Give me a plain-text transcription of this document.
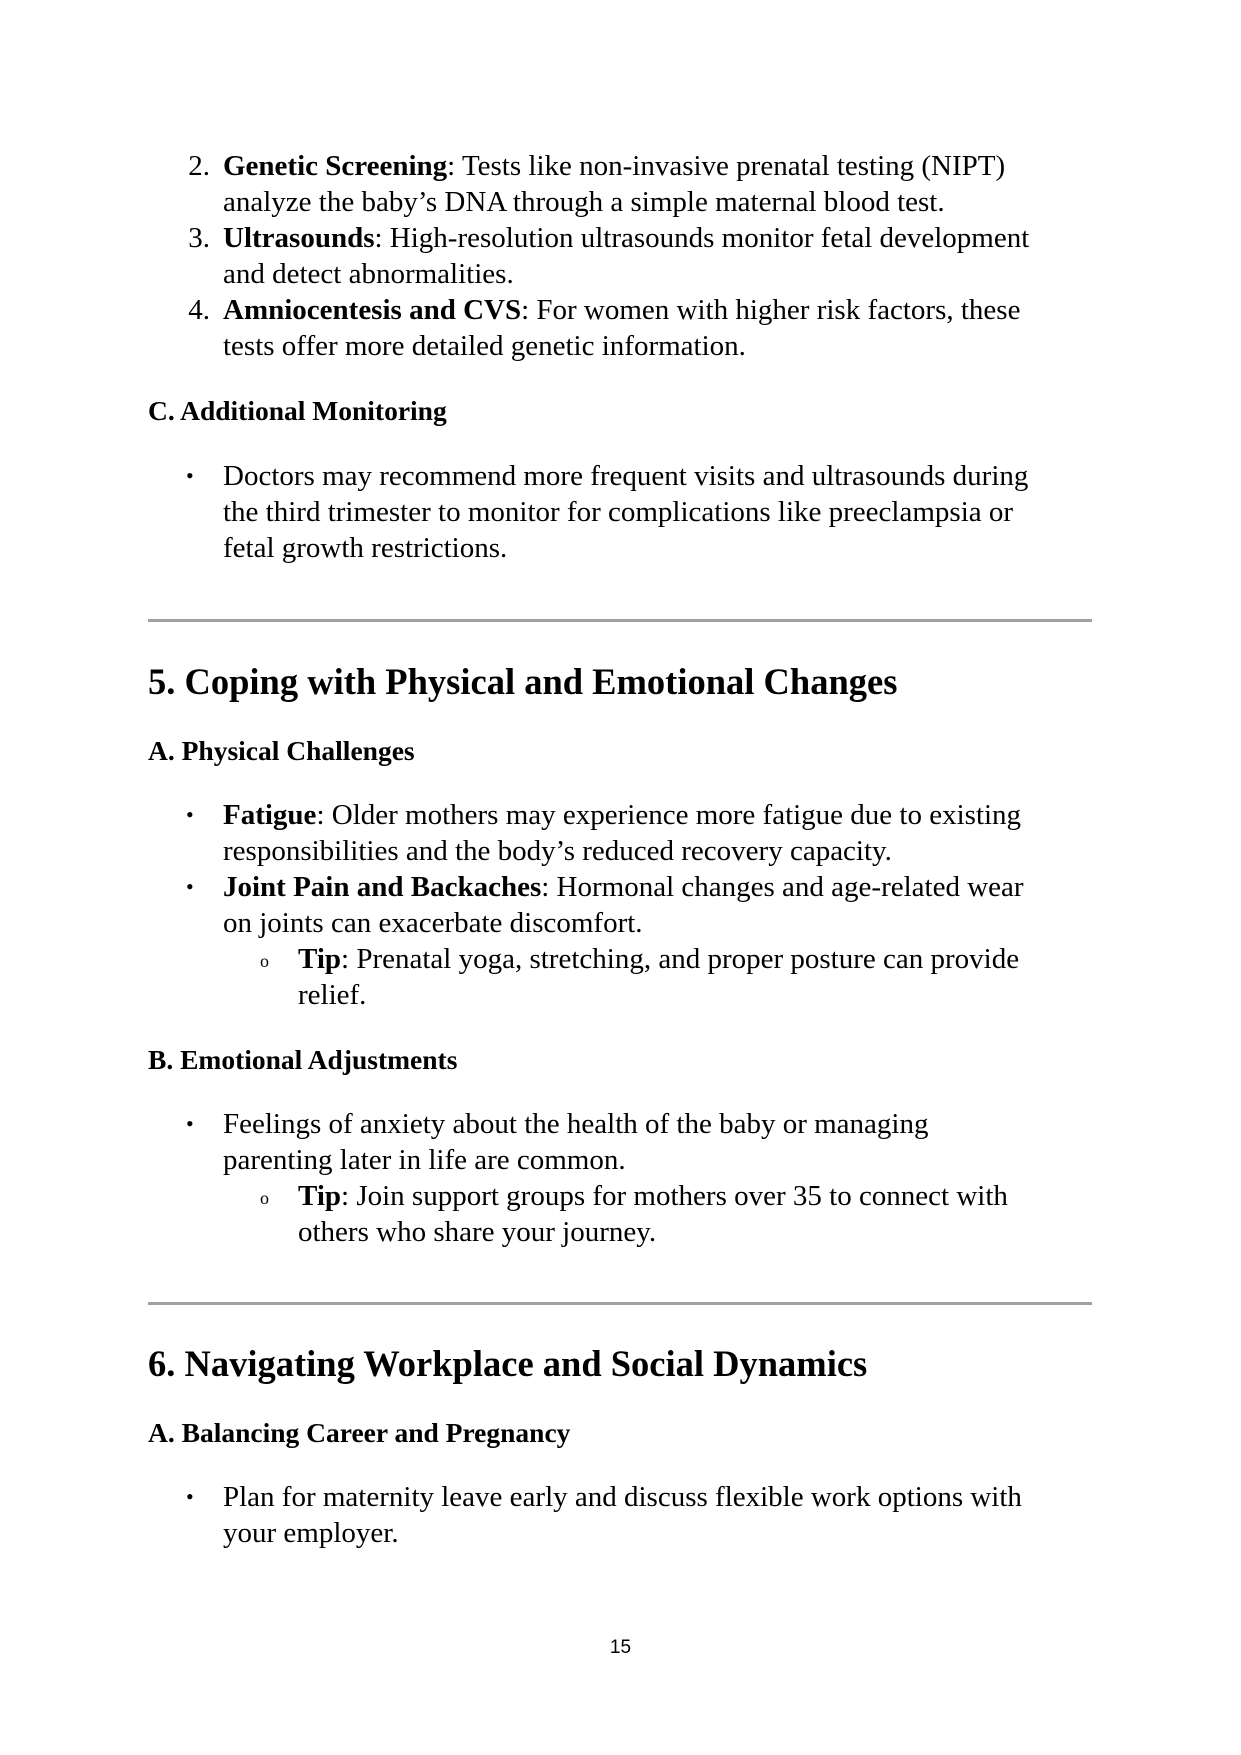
2. Genetic Screening: Tests like non-invasive prenatal testing (NIPT)

analyze the baby’s DNA through a simple maternal blood test.

3. Ultrasounds: High-resolution ultrasounds monitor fetal development

and detect abnormalities.

4. Amniocentesis and CVS: For women with higher risk factors, these

tests offer more detailed genetic information.

C. Additional Monitoring
• Doctors may recommend more frequent visits and ultrasounds during

the third trimester to monitor for complications like preeclampsia or

fetal growth restrictions.

5. Coping with Physical and Emotional Changes
A. Physical Challenges
• Fatigue: Older mothers may experience more fatigue due to existing

responsibilities and the body’s reduced recovery capacity.

• Joint Pain and Backaches: Hormonal changes and age-related wear

on joints can exacerbate discomfort.

o Tip: Prenatal yoga, stretching, and proper posture can provide

relief.

B. Emotional Adjustments
• Feelings of anxiety about the health of the baby or managing

parenting later in life are common.

o Tip: Join support groups for mothers over 35 to connect with

others who share your journey.

6. Navigating Workplace and Social Dynamics
A. Balancing Career and Pregnancy
• Plan for maternity leave early and discuss flexible work options with

your employer.

15
